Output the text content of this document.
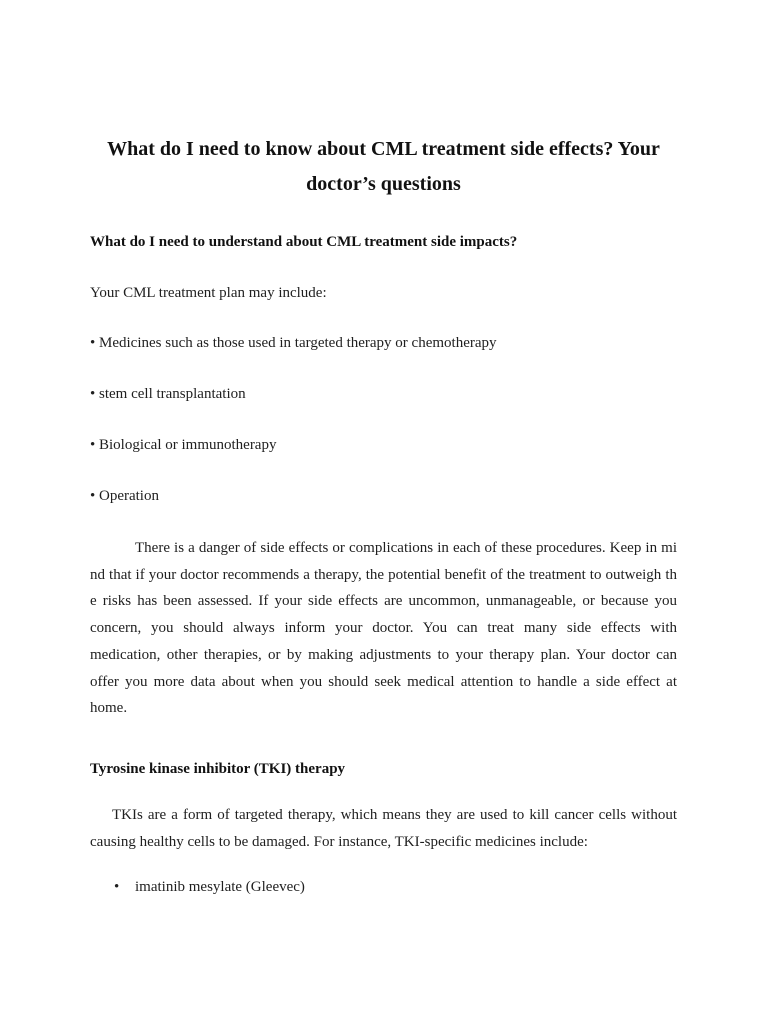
What do I need to know about CML treatment side effects? Your
doctor’s questions
What do I need to understand about CML treatment side impacts?
Your CML treatment plan may include:
• Medicines such as those used in targeted therapy or chemotherapy
• stem cell transplantation
• Biological or immunotherapy
• Operation
There is a danger of side effects or complications in each of these procedures. Keep in mi
nd that if your doctor recommends a therapy, the potential benefit of the treatment to outweigh th
e risks has been assessed. If your side effects are uncommon, unmanageable, or because you
concern, you should always inform your doctor. You can treat many side effects with
medication, other therapies, or by making adjustments to your therapy plan. Your doctor can
offer you more data about when you should seek medical attention to handle a side effect at
home.
Tyrosine kinase inhibitor (TKI) therapy
TKIs are a form of targeted therapy, which means they are used to kill cancer cells without
causing healthy cells to be damaged. For instance, TKI-specific medicines include:
• imatinib mesylate (Gleevec)
